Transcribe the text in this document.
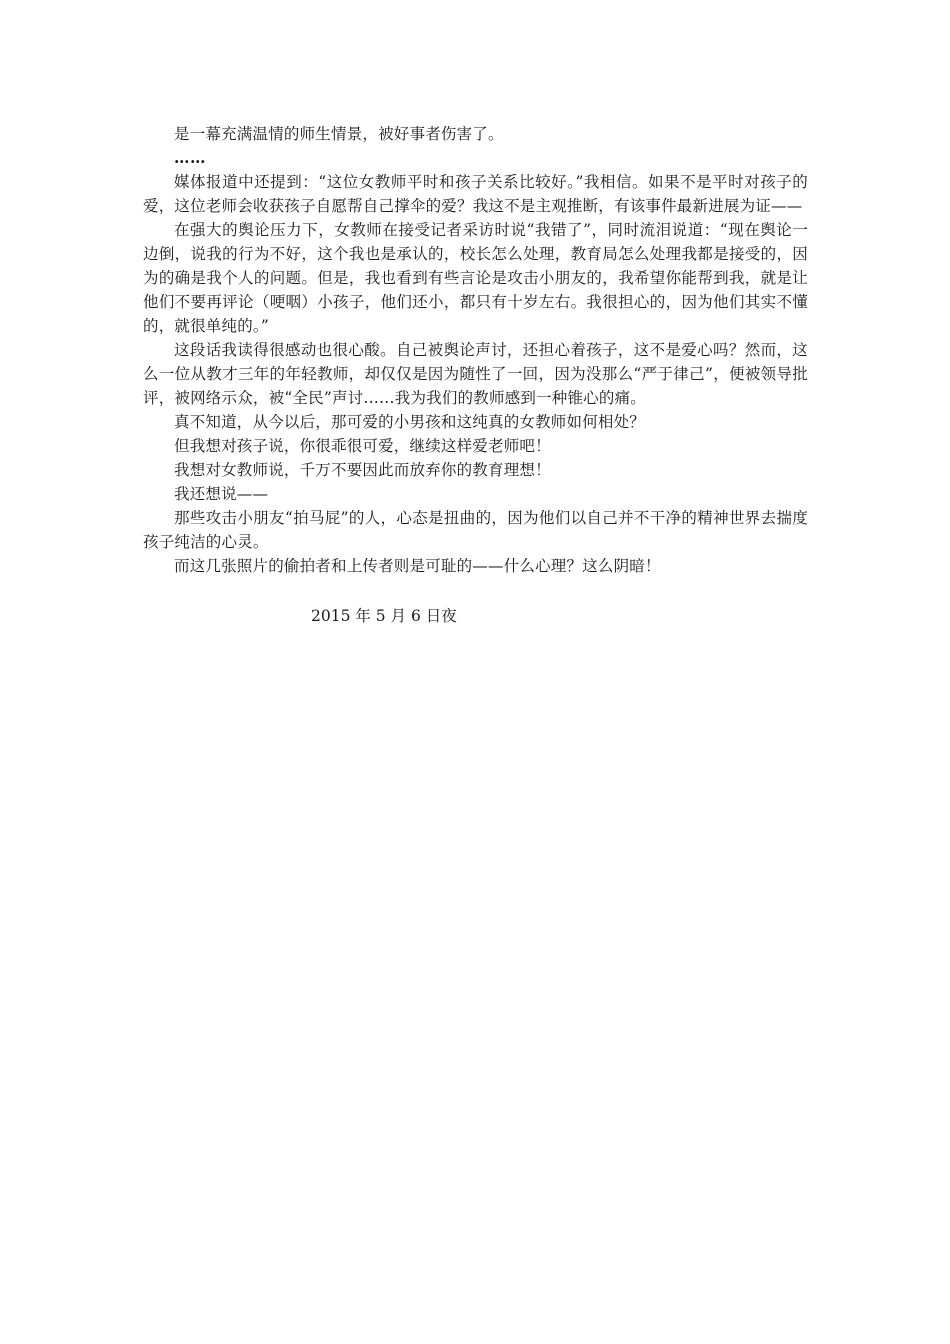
是一幕充满温情的师生情景，被好事者伤害了。

……

媒体报道中还提到：“这位女教师平时和孩子关系比较好。”我相信。如果不是平时对孩子的爱，这位老师会收获孩子自愿帮自己撑伞的爱？我这不是主观推断，有该事件最新进展为证——

在强大的舆论压力下，女教师在接受记者采访时说“我错了”，同时流泪说道：“现在舆论一边倒，说我的行为不好，这个我也是承认的，校长怎么处理，教育局怎么处理我都是接受的，因为的确是我个人的问题。但是，我也看到有些言论是攻击小朋友的，我希望你能帮到我，就是让他们不要再评论（哽咽）小孩子，他们还小，都只有十岁左右。我很担心的，因为他们其实不懂的，就很单纯的。”

这段话我读得很感动也很心酸。自己被舆论声讨，还担心着孩子，这不是爱心吗？然而，这么一位从教才三年的年轻教师，却仅仅是因为随性了一回，因为没那么“严于律己”，便被领导批评，被网络示众，被“全民”声讨……我为我们的教师感到一种锥心的痛。

真不知道，从今以后，那可爱的小男孩和这纯真的女教师如何相处？

但我想对孩子说，你很乖很可爱，继续这样爱老师吧！

我想对女教师说，千万不要因此而放弃你的教育理想！

我还想说——

那些攻击小朋友“拍马屁”的人，心态是扭曲的，因为他们以自己并不干净的精神世界去揣度孩子纯洁的心灵。

而这几张照片的偷拍者和上传者则是可耻的——什么心理？这么阴暗！

2015 年 5 月 6 日夜
